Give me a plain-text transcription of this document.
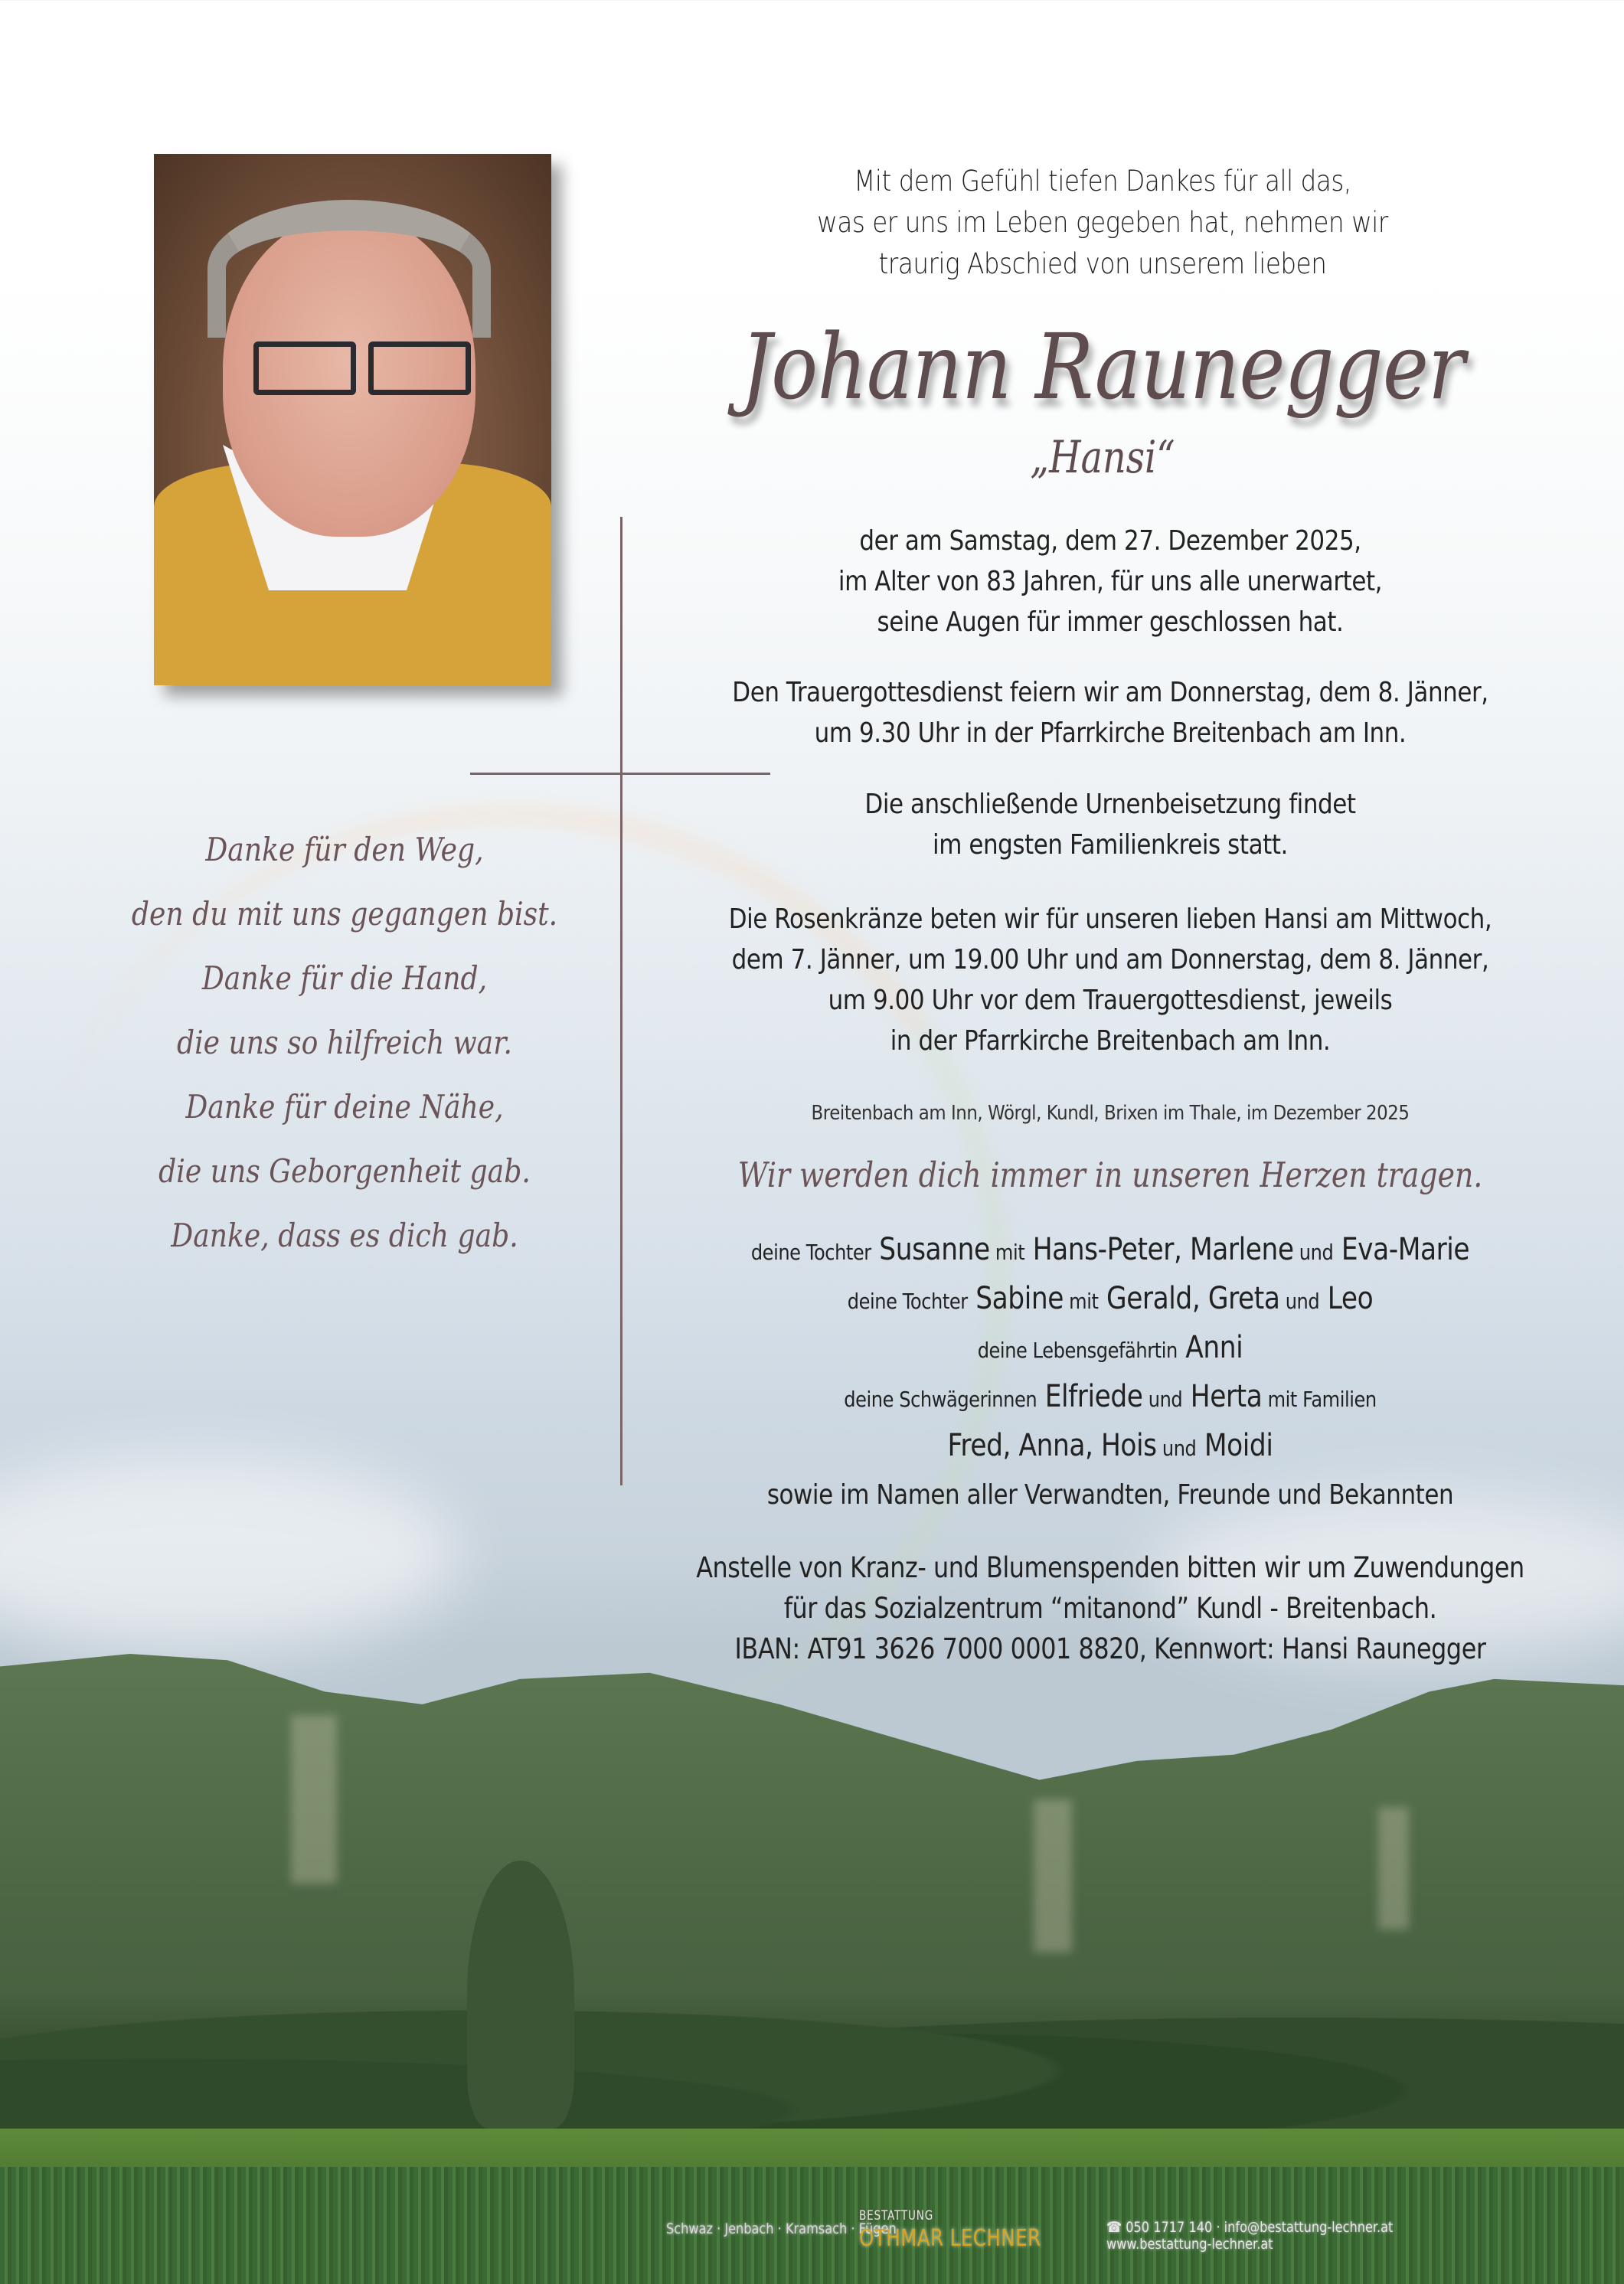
Mit dem Gefühl tiefen Dankes für all das,
was er uns im Leben gegeben hat, nehmen wir
traurig Abschied von unserem lieben
Johann Raunegger
„Hansi“
der am Samstag, dem 27. Dezember 2025,
im Alter von 83 Jahren, für uns alle unerwartet,
seine Augen für immer geschlossen hat.
Den Trauergottesdienst feiern wir am Donnerstag, dem 8. Jänner,
um 9.30 Uhr in der Pfarrkirche Breitenbach am Inn.
Die anschließende Urnenbeisetzung findet
im engsten Familienkreis statt.
Die Rosenkränze beten wir für unseren lieben Hansi am Mittwoch,
dem 7. Jänner, um 19.00 Uhr und am Donnerstag, dem 8. Jänner,
um 9.00 Uhr vor dem Trauergottesdienst, jeweils
in der Pfarrkirche Breitenbach am Inn.
Breitenbach am Inn, Wörgl, Kundl, Brixen im Thale, im Dezember 2025
Wir werden dich immer in unseren Herzen tragen.
deine Tochter Susanne mit Hans-Peter, Marlene und Eva-Marie
deine Tochter Sabine mit Gerald, Greta und Leo
deine Lebensgefährtin Anni
deine Schwägerinnen Elfriede und Herta mit Familien
Fred, Anna, Hois und Moidi
sowie im Namen aller Verwandten, Freunde und Bekannten
Anstelle von Kranz- und Blumenspenden bitten wir um Zuwendungen
für das Sozialzentrum “mitanond” Kundl - Breitenbach.
IBAN: AT91 3626 7000 0001 8820, Kennwort: Hansi Raunegger
Danke für den Weg,
den du mit uns gegangen bist.
Danke für die Hand,
die uns so hilfreich war.
Danke für deine Nähe,
die uns Geborgenheit gab.
Danke, dass es dich gab.
Schwaz · Jenbach · Kramsach · Fügen
BESTATTUNG
OTHMAR LECHNER	☎ 050 1717 140 · info@bestattung-lechner.at
www.bestattung-lechner.at
